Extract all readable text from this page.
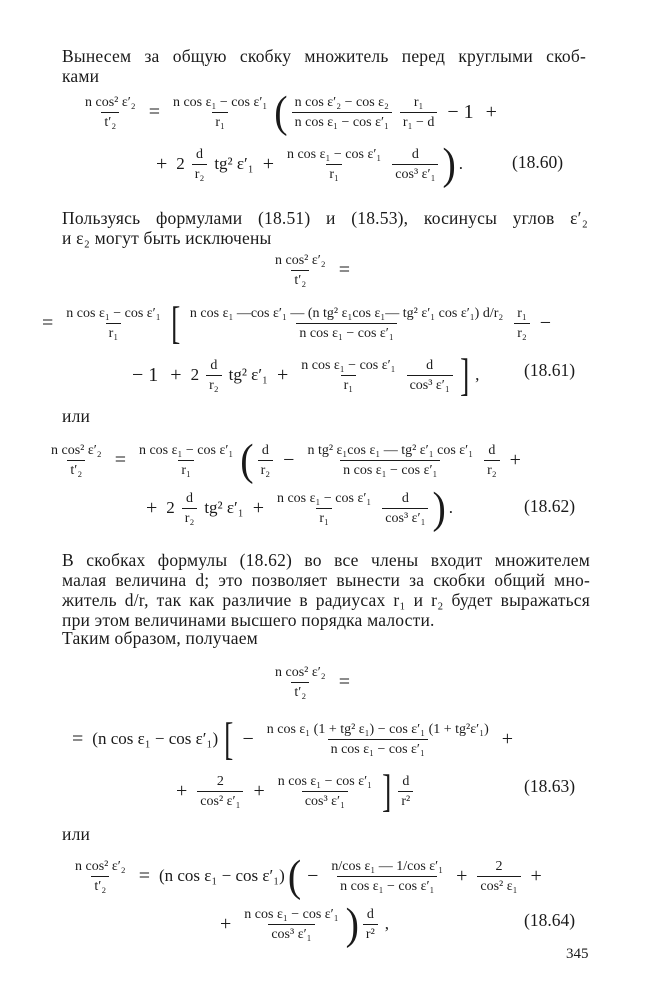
Вынесем за общую скобку множитель перед круглыми скоб-
ками
$\frac{\text{n cos² ε′₂}}{\text{t′₂}} = \frac{\text{n cos ε₁ − cos ε′₁}}{\text{r₁}}$ ( $\frac{\text{n cos ε′₂ − cos ε₂}}{\text{n cos ε₁ − cos ε′₁}} \frac{\text{r₁}}{\text{r₁ − d}} - 1$ +
+ $2 \frac{d}{\text{r₂}} tg^2$ $\varepsilon'_1 + \frac{\text{n cos ε₁ − cos ε′₁}}{\text{r₁}} \frac{d}{\text{cos³ ε′₁}}$ ) .	(18.60)
Пользуясь формулами (18.51) и (18.53), косинусы углов ε′₂
и ε₂ могут быть исключены
$\frac{\text{n cos² ε′₂}}{\text{t′₂}}$ =
= $\frac{\text{n cos ε₁ − cos ε′₁}}{\text{r₁}}$ [ $\frac{\text{n cos ε₁ —cos ε′₁ — (n tg² ε₁cos ε₁— tg² ε′₁ cos ε′₁) d/r₂}}{\text{n cos ε₁ − cos ε′₁}} \frac{\text{r₁}}{\text{r₂}}$ −
− $1 + 2 \frac{d}{\text{r₂}} tg^2$ $\varepsilon'_1 + \frac{\text{n cos ε₁ − cos ε′₁}}{\text{r₁}} \frac{d}{\text{cos³ ε′₁}}$ ] ,	(18.61)
или
$\frac{\text{n cos² ε′₂}}{\text{t′₂}} = \frac{\text{n cos ε₁ − cos ε′₁}}{\text{r₁}}$ ( $\frac{d}{\text{r₂}} - \frac{\text{n tg² ε₁cos ε₁ — tg² ε′₁ cos ε′₁}}{\text{n cos ε₁ − cos ε′₁}} \frac{d}{\text{r₂}}$ +
+ $2 \frac{d}{\text{r₂}} tg^2$ $\varepsilon'_1 + \frac{\text{n cos ε₁ − cos ε′₁}}{\text{r₁}} \frac{d}{\text{cos³ ε′₁}}$ ) .	(18.62)
В скобках формулы (18.62) во все члены входит множителем
малая величина d; это позволяет вынести за скобки общий мно-
житель d/r, так как различие в радиусах r₁ и r₂ будет выражаться
при этом величинами высшего порядка малости.
Таким образом, получаем
$\frac{\text{n cos² ε′₂}}{\text{t′₂}}$ =
= (n cos ε₁ − cos ε′₁) [ − $\frac{\text{n cos ε₁ (1 + tg² ε₁) − cos ε′₁ (1 + tg²ε′₁)}}{\text{n cos ε₁ − cos ε′₁}}$ +
+ $\frac{2}{\text{cos² ε′₁}} + \frac{\text{n cos ε₁ − cos ε′₁}}{\text{cos³ ε′₁}}$ ] $\frac{d}{\text{r²}}$	(18.63)
или
$\frac{\text{n cos² ε′₂}}{\text{t′₂}} = (n$ cos ε₁ − cos ε′₁) ( − $\frac{\text{n/cos ε₁ — 1/cos ε′₁}}{\text{n cos ε₁ − cos ε′₁}} + \frac{2}{\text{cos² ε₁}}$ +
+ $\frac{\text{n cos ε₁ − cos ε′₁}}{\text{cos³ ε′₁}}$ ) $\frac{d}{\text{r²}}$ ,	(18.64)
345
